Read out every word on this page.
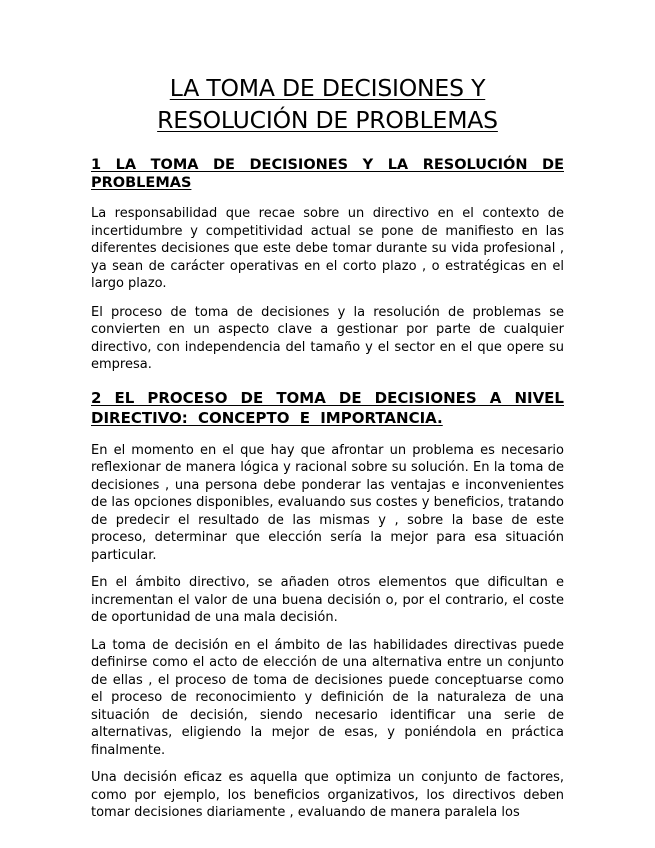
LA TOMA DE DECISIONES Y
RESOLUCIÓN DE PROBLEMAS
1 LA TOMA DE DECISIONES Y LA RESOLUCIÓN DE PROBLEMAS

La responsabilidad que recae sobre un directivo en el contexto de incertidumbre y competitividad actual se pone de manifiesto en las diferentes decisiones que este debe tomar durante su vida profesional , ya sean de carácter operativas en el corto plazo , o estratégicas en el largo plazo.

El proceso de toma de decisiones y la resolución de problemas se convierten en un aspecto clave a gestionar por parte de cualquier directivo, con independencia del tamaño y el sector en el que opere su empresa.

2 EL PROCESO DE TOMA DE DECISIONES A NIVEL DIRECTIVO: CONCEPTO E IMPORTANCIA.

En el momento en el que hay que afrontar un problema es necesario reflexionar de manera lógica y racional sobre su solución. En la toma de decisiones , una persona debe ponderar las ventajas e inconvenientes de las opciones disponibles, evaluando sus costes y beneficios, tratando de predecir el resultado de las mismas y , sobre la base de este proceso, determinar que elección sería la mejor para esa situación particular.

En el ámbito directivo, se añaden otros elementos que dificultan e incrementan el valor de una buena decisión o, por el contrario, el coste de oportunidad de una mala decisión.

La toma de decisión en el ámbito de las habilidades directivas puede definirse como el acto de elección de una alternativa entre un conjunto de ellas , el proceso de toma de decisiones puede conceptuarse como el proceso de reconocimiento y definición de la naturaleza de una situación de decisión, siendo necesario identificar una serie de alternativas, eligiendo la mejor de esas, y poniéndola en práctica finalmente.

Una decisión eficaz es aquella que optimiza un conjunto de factores, como por ejemplo, los beneficios organizativos, los directivos deben tomar decisiones diariamente , evaluando de manera paralela los
